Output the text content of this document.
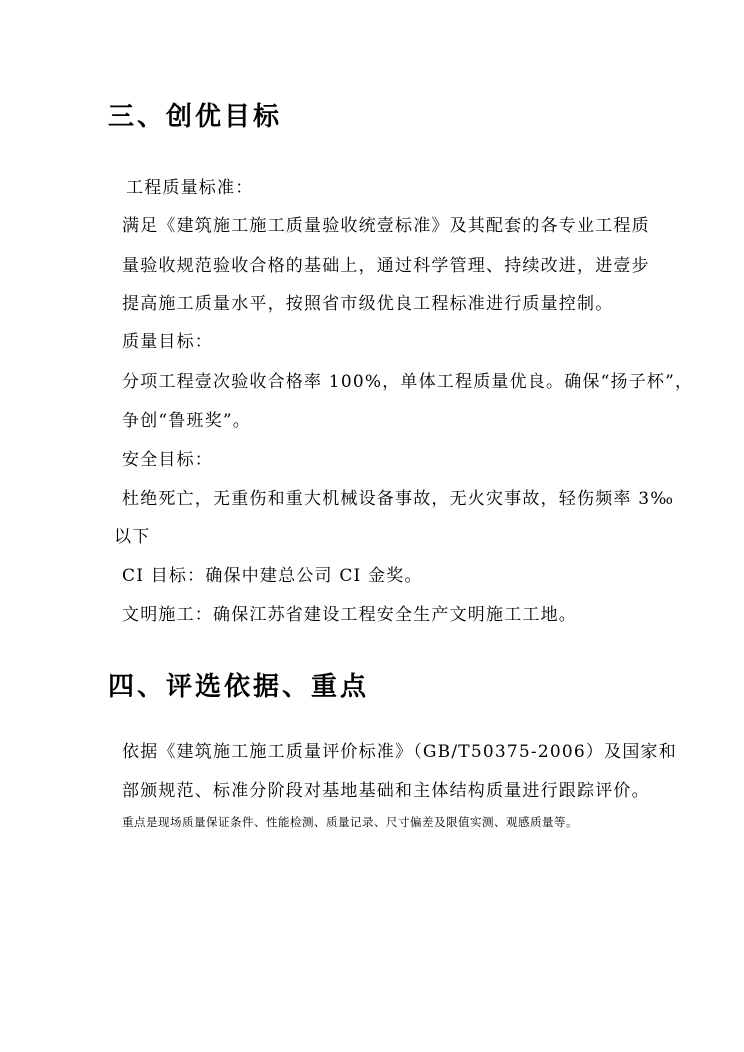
三、创优目标
工程质量标准：
满足《建筑施工施工质量验收统壹标准》及其配套的各专业工程质
量验收规范验收合格的基础上，通过科学管理、持续改进，进壹步
提高施工质量水平，按照省市级优良工程标准进行质量控制。
质量目标：
分项工程壹次验收合格率 100%，单体工程质量优良。确保“扬子杯”，
争创“鲁班奖”。
安全目标：
杜绝死亡，无重伤和重大机械设备事故，无火灾事故，轻伤频率 3‰
以下
CI 目标：确保中建总公司 CI 金奖。
文明施工：确保江苏省建设工程安全生产文明施工工地。
四、评选依据、重点
依据《建筑施工施工质量评价标准》（GB/T50375-2006）及国家和
部颁规范、标准分阶段对基地基础和主体结构质量进行跟踪评价。
重点是现场质量保证条件、性能检测、质量记录、尺寸偏差及限值实测、观感质量等。
